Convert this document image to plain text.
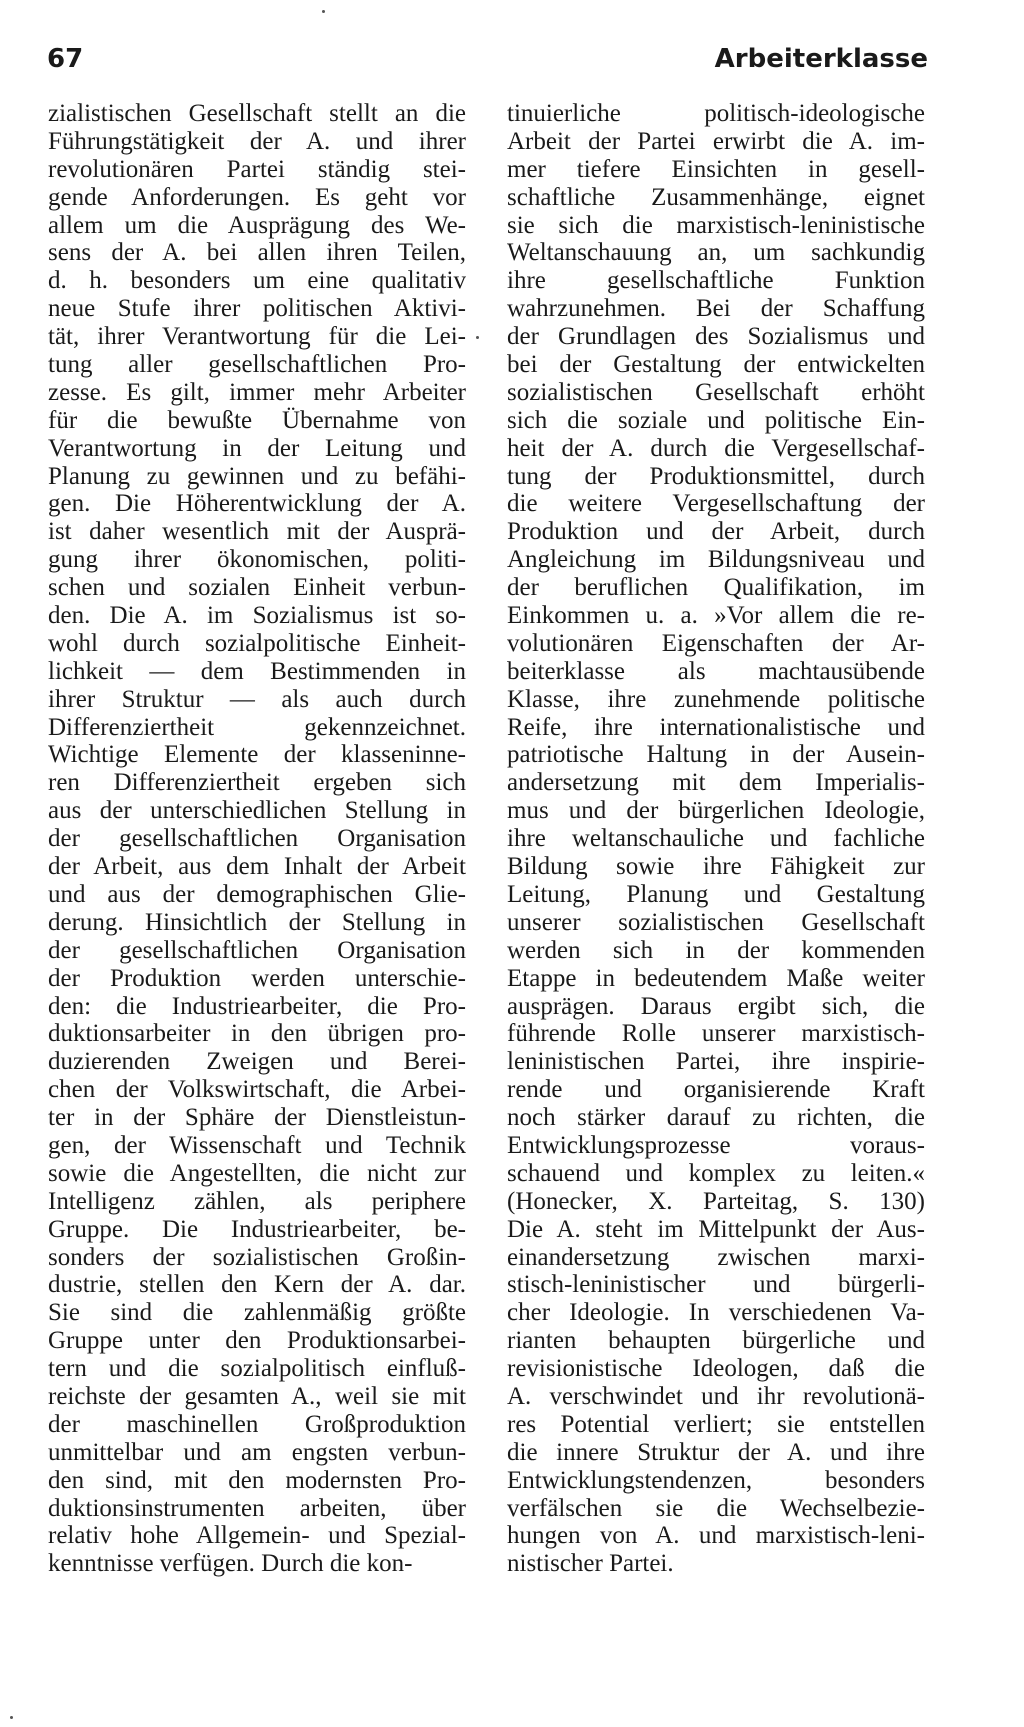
67	Arbeiterklasse
zialistischen Gesellschaft stellt an die
Führungstätigkeit der A. und ihrer
revolutionären Partei ständig stei-
gende Anforderungen. Es geht vor
allem um die Ausprägung des We-
sens der A. bei allen ihren Teilen,
d. h. besonders um eine qualitativ
neue Stufe ihrer politischen Aktivi-
tät, ihrer Verantwortung für die Lei-
tung aller gesellschaftlichen Pro-
zesse. Es gilt, immer mehr Arbeiter
für die bewußte Übernahme von
Verantwortung in der Leitung und
Planung zu gewinnen und zu befähi-
gen. Die Höherentwicklung der A.
ist daher wesentlich mit der Ausprä-
gung ihrer ökonomischen, politi-
schen und sozialen Einheit verbun-
den. Die A. im Sozialismus ist so-
wohl durch sozialpolitische Einheit-
lichkeit — dem Bestimmenden in
ihrer Struktur — als auch durch
Differenziertheit gekennzeichnet.
Wichtige Elemente der klasseninne-
ren Differenziertheit ergeben sich
aus der unterschiedlichen Stellung in
der gesellschaftlichen Organisation
der Arbeit, aus dem Inhalt der Arbeit
und aus der demographischen Glie-
derung. Hinsichtlich der Stellung in
der gesellschaftlichen Organisation
der Produktion werden unterschie-
den: die Industriearbeiter, die Pro-
duktionsarbeiter in den übrigen pro-
duzierenden Zweigen und Berei-
chen der Volkswirtschaft, die Arbei-
ter in der Sphäre der Dienstleistun-
gen, der Wissenschaft und Technik
sowie die Angestellten, die nicht zur
Intelligenz zählen, als periphere
Gruppe. Die Industriearbeiter, be-
sonders der sozialistischen Großin-
dustrie, stellen den Kern der A. dar.
Sie sind die zahlenmäßig größte
Gruppe unter den Produktionsarbei-
tern und die sozialpolitisch einfluß-
reichste der gesamten A., weil sie mit
der maschinellen Großproduktion
unmittelbar und am engsten verbun-
den sind, mit den modernsten Pro-
duktionsinstrumenten arbeiten, über
relativ hohe Allgemein- und Spezial-
kenntnisse verfügen. Durch die kon-
tinuierliche politisch-ideologische
Arbeit der Partei erwirbt die A. im-
mer tiefere Einsichten in gesell-
schaftliche Zusammenhänge, eignet
sie sich die marxistisch-leninistische
Weltanschauung an, um sachkundig
ihre gesellschaftliche Funktion
wahrzunehmen. Bei der Schaffung
der Grundlagen des Sozialismus und
bei der Gestaltung der entwickelten
sozialistischen Gesellschaft erhöht
sich die soziale und politische Ein-
heit der A. durch die Vergesellschaf-
tung der Produktionsmittel, durch
die weitere Vergesellschaftung der
Produktion und der Arbeit, durch
Angleichung im Bildungsniveau und
der beruflichen Qualifikation, im
Einkommen u. a. »Vor allem die re-
volutionären Eigenschaften der Ar-
beiterklasse als machtausübende
Klasse, ihre zunehmende politische
Reife, ihre internationalistische und
patriotische Haltung in der Ausein-
andersetzung mit dem Imperialis-
mus und der bürgerlichen Ideologie,
ihre weltanschauliche und fachliche
Bildung sowie ihre Fähigkeit zur
Leitung, Planung und Gestaltung
unserer sozialistischen Gesellschaft
werden sich in der kommenden
Etappe in bedeutendem Maße weiter
ausprägen. Daraus ergibt sich, die
führende Rolle unserer marxistisch-
leninistischen Partei, ihre inspirie-
rende und organisierende Kraft
noch stärker darauf zu richten, die
Entwicklungsprozesse voraus-
schauend und komplex zu leiten.«
(Honecker, X. Parteitag, S. 130)
Die A. steht im Mittelpunkt der Aus-
einandersetzung zwischen marxi-
stisch-leninistischer und bürgerli-
cher Ideologie. In verschiedenen Va-
rianten behaupten bürgerliche und
revisionistische Ideologen, daß die
A. verschwindet und ihr revolutionä-
res Potential verliert; sie entstellen
die innere Struktur der A. und ihre
Entwicklungstendenzen, besonders
verfälschen sie die Wechselbezie-
hungen von A. und marxistisch-leni-
nistischer Partei.
